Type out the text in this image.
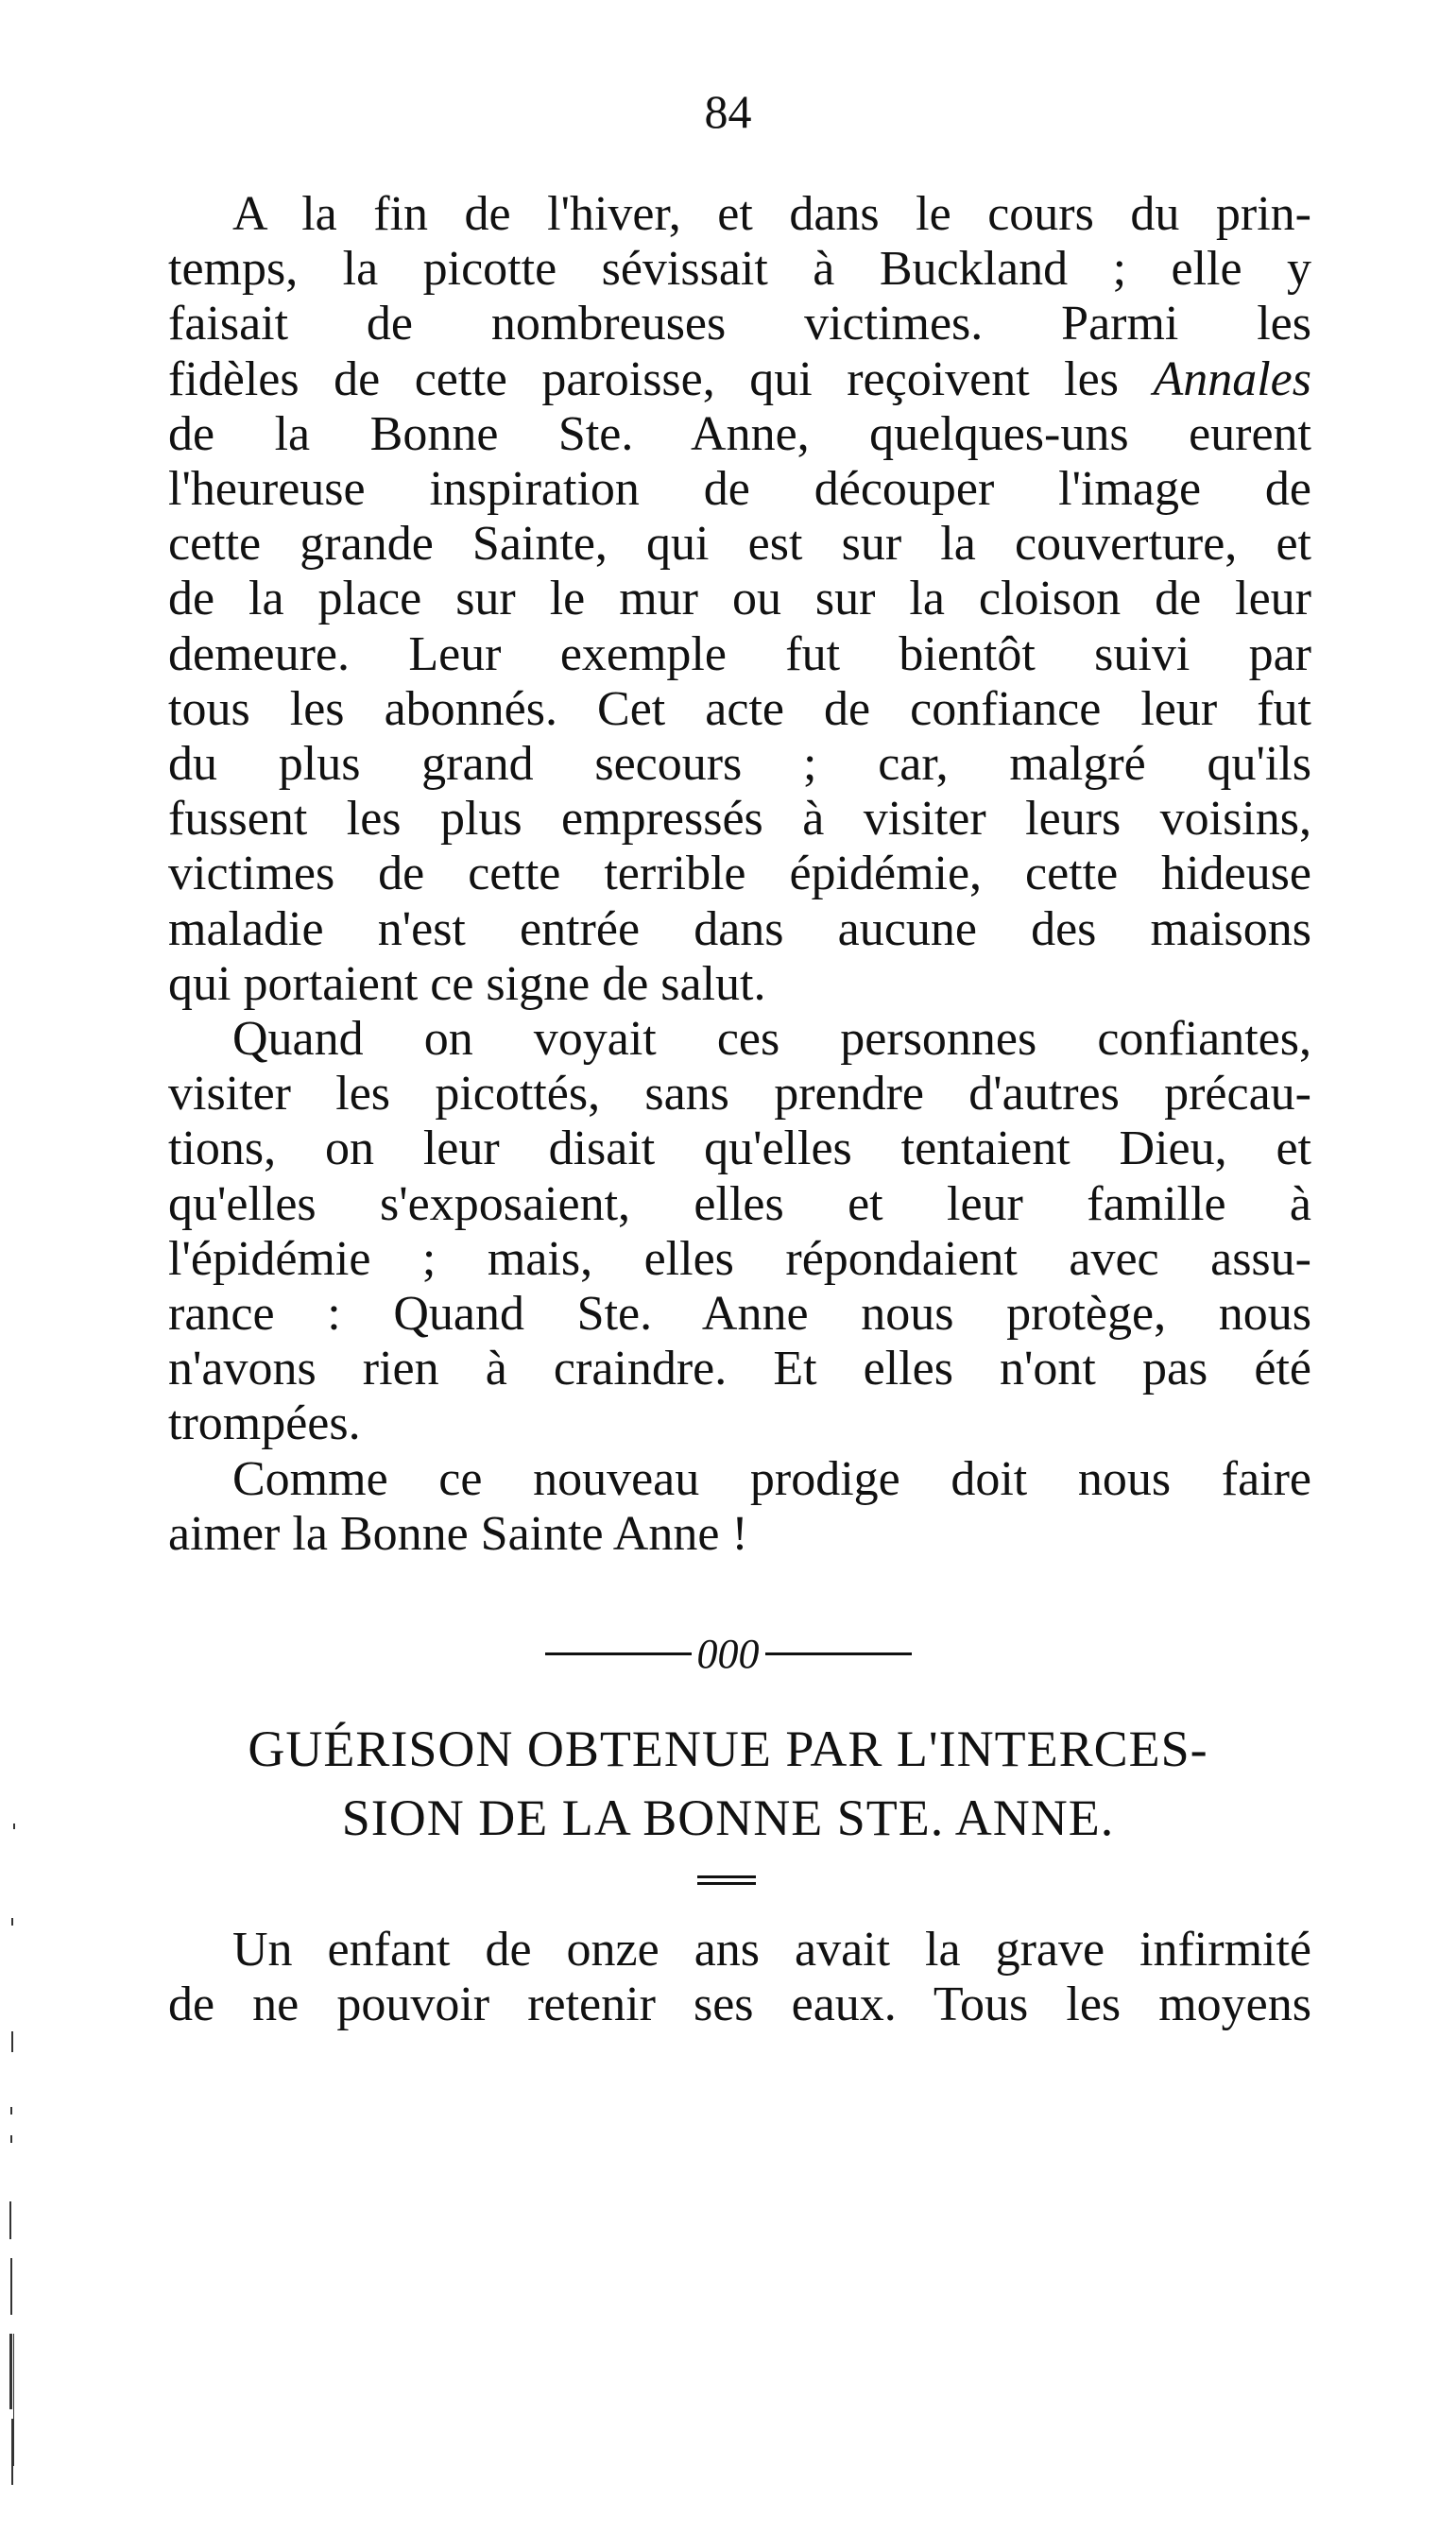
84
A la fin de l'hiver, et dans le cours du prin-
temps, la picotte sévissait à Buckland ; elle y
faisait de nombreuses victimes. Parmi les
fidèles de cette paroisse, qui reçoivent les Annales
de la Bonne Ste. Anne, quelques-uns eurent
l'heureuse inspiration de découper l'image de
cette grande Sainte, qui est sur la couverture, et
de la place sur le mur ou sur la cloison de leur
demeure. Leur exemple fut bientôt suivi par
tous les abonnés. Cet acte de confiance leur fut
du plus grand secours ; car, malgré qu'ils
fussent les plus empressés à visiter leurs voisins,
victimes de cette terrible épidémie, cette hideuse
maladie n'est entrée dans aucune des maisons
qui portaient ce signe de salut.
Quand on voyait ces personnes confiantes,
visiter les picottés, sans prendre d'autres précau-
tions, on leur disait qu'elles tentaient Dieu, et
qu'elles s'exposaient, elles et leur famille à
l'épidémie ; mais, elles répondaient avec assu-
rance : Quand Ste. Anne nous protège, nous
n'avons rien à craindre. Et elles n'ont pas été
trompées.
Comme ce nouveau prodige doit nous faire
aimer la Bonne Sainte Anne !
000
GUÉRISON OBTENUE PAR L'INTERCES-
SION DE LA BONNE STE. ANNE.
Un enfant de onze ans avait la grave infirmité
de ne pouvoir retenir ses eaux. Tous les moyens
